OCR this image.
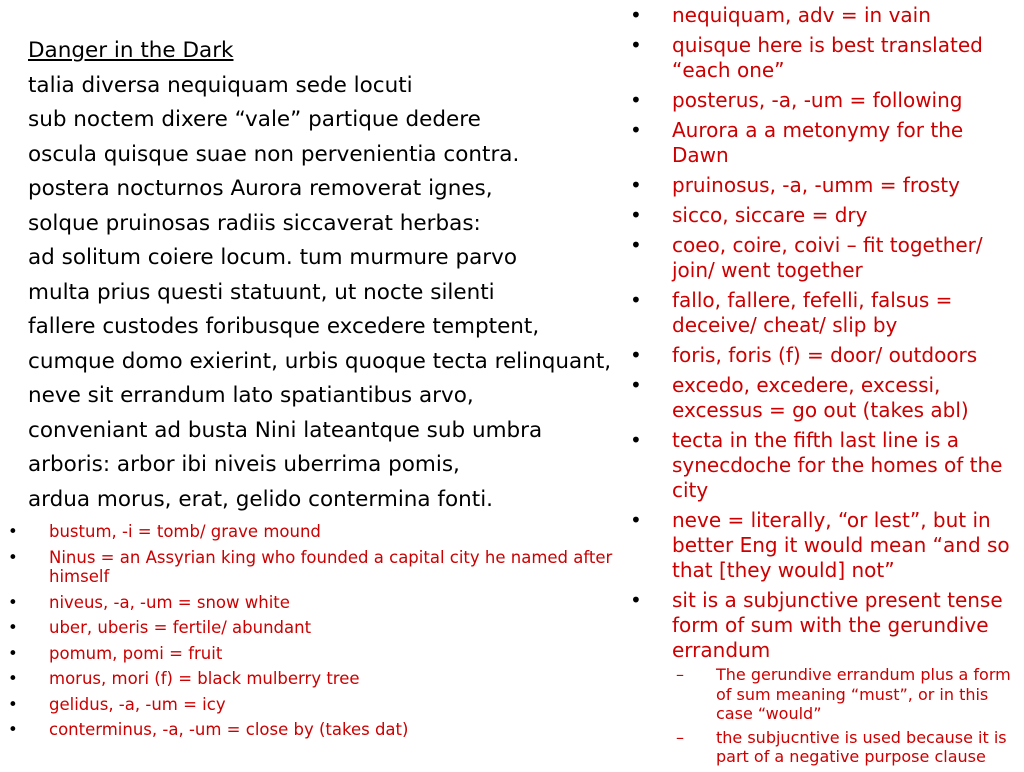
Danger in the Dark
talia diversa nequiquam sede locuti
sub noctem dixere “vale” partique dedere
oscula quisque suae non pervenientia contra.
postera nocturnos Aurora removerat ignes,
solque pruinosas radiis siccaverat herbas:
ad solitum coiere locum. tum murmure parvo
multa prius questi statuunt, ut nocte silenti
fallere custodes foribusque excedere temptent,
cumque domo exierint, urbis quoque tecta relinquant,
neve sit errandum lato spatiantibus arvo,
conveniant ad busta Nini lateantque sub umbra
arboris: arbor ibi niveis uberrima pomis,
ardua morus, erat, gelido contermina fonti.
• bustum, -i = tomb/ grave mound
• Ninus = an Assyrian king who founded a capital city he named after himself
• niveus, -a, -um = snow white
• uber, uberis = fertile/ abundant
• pomum, pomi = fruit
• morus, mori (f) = black mulberry tree
• gelidus, -a, -um = icy
• conterminus, -a, -um = close by (takes dat)
• nequiquam, adv = in vain
• quisque here is best translated “each one”
• posterus, -a, -um = following
• Aurora a a metonymy for the Dawn
• pruinosus, -a, -umm = frosty
• sicco, siccare = dry
• coeo, coire, coivi – fit together/ join/ went together
• fallo, fallere, fefelli, falsus = deceive/ cheat/ slip by
• foris, foris (f) = door/ outdoors
• excedo, excedere, excessi, excessus = go out (takes abl)
• tecta in the fifth last line is a synecdoche for the homes of the city
• neve = literally, “or lest”, but in better Eng it would mean “and so that [they would] not”
• sit is a subjunctive present tense form of sum with the gerundive errandum
– The gerundive errandum plus a form of sum meaning “must”, or in this case “would”
– the subjucntive is used because it is part of a negative purpose clause
